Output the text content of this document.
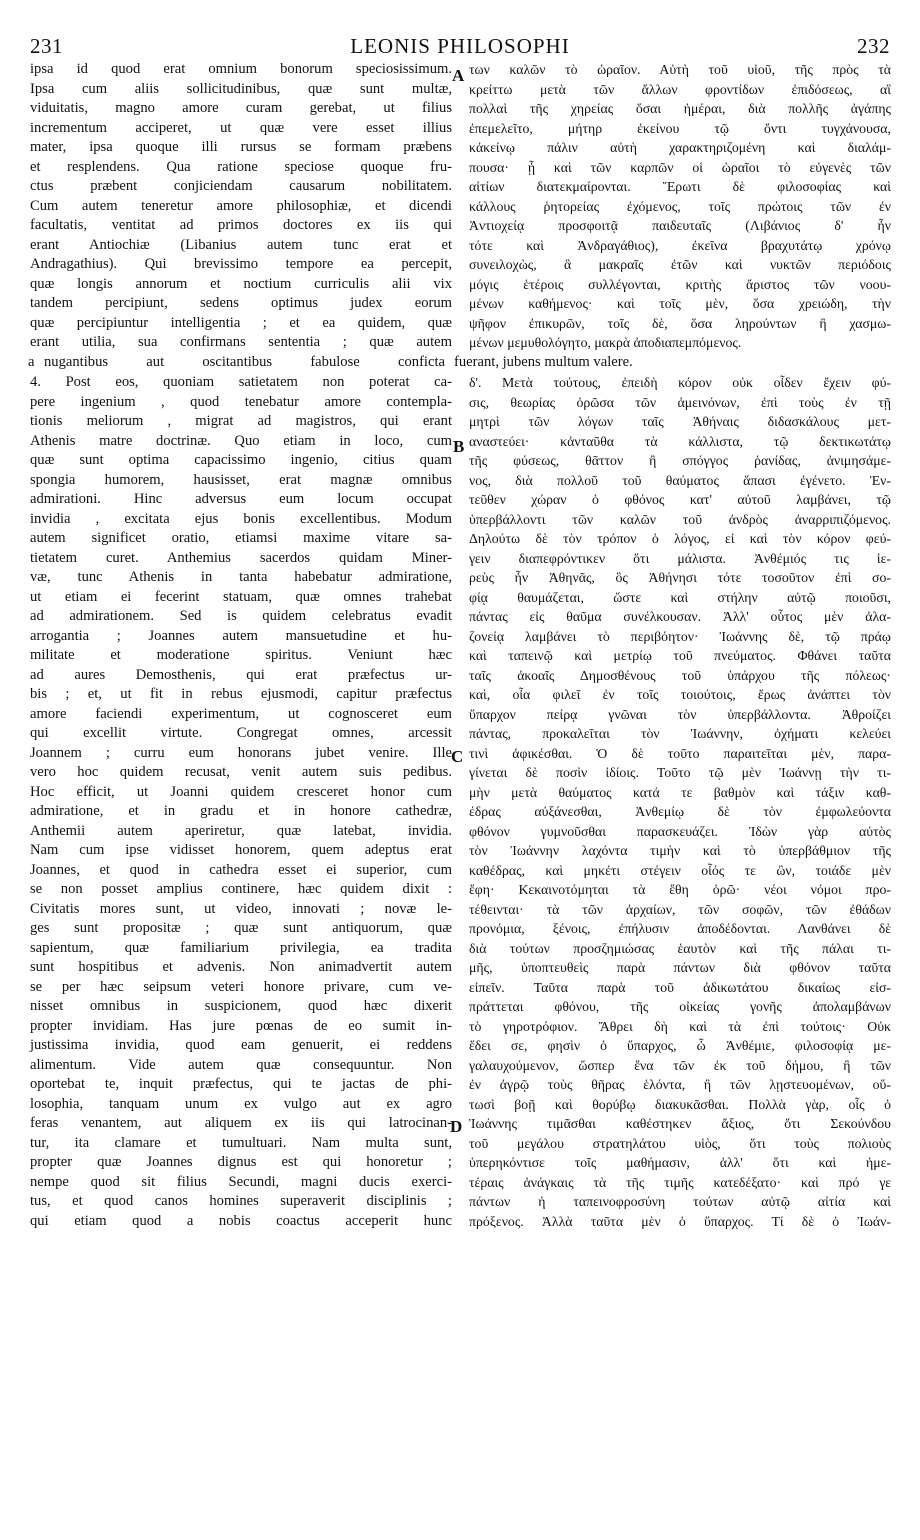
231	LEONIS PHILOSOPHI	232
A
B
C
D
ipsa id quod erat omnium bonorum speciosissimum.
Ipsa cum aliis sollicitudinibus, quæ sunt multæ,
viduitatis, magno amore curam gerebat, ut filius
incrementum acciperet, ut quæ vere esset illius
mater, ipsa quoque illi rursus se formam præbens
et resplendens. Qua ratione speciose quoque fru-
ctus præbent conjiciendam causarum nobilitatem.
Cum autem teneretur amore philosophiæ, et dicendi
facultatis, ventitat ad primos doctores ex iis qui
erant Antiochiæ (Libanius autem tunc erat et
Andragathius). Qui brevissimo tempore ea percepit,
quæ longis annorum et noctium curriculis alii vix
tandem percipiunt, sedens optimus judex eorum
quæ percipiuntur intelligentia ; et ea quidem, quæ
erant utilia, sua confirmans sententia ; quæ autem
των καλῶν τὸ ὡραῖον. Αὐτὴ τοῦ υἱοῦ, τῆς πρὸς τὰ
κρείττω μετὰ τῶν ἄλλων φροντίδων ἐπιδόσεως, αἳ
πολλαὶ τῆς χηρείας ὅσαι ἡμέραι, διὰ πολλῆς ἀγάπης
ἐπεμελεῖτο, μήτηρ ἐκείνου τῷ ὄντι τυγχάνουσα,
κἀκείνῳ πάλιν αὐτὴ χαρακτηριζομένη καὶ διαλάμ-
πουσα· ᾗ καὶ τῶν καρπῶν οἱ ὡραῖοι τὸ εὐγενὲς τῶν
αἰτίων διατεκμαίρονται. Ἔρωτι δὲ φιλοσοφίας καὶ
κάλλους ῥητορείας ἐχόμενος, τοῖς πρώτοις τῶν ἐν
Ἀντιοχείᾳ προσφοιτᾷ παιδευταῖς (Λιβάνιος δ' ἦν
τότε καὶ Ἀνδραγάθιος), ἐκεῖνα βραχυτάτῳ χρόνῳ
συνειλοχὼς, ἃ μακραῖς ἐτῶν καὶ νυκτῶν περιόδοις
μόγις ἑτέροις συλλέγονται, κριτὴς ἄριστος τῶν νοου-
μένων καθήμενος· καὶ τοῖς μὲν, ὅσα χρειώδη, τὴν
ψῆφον ἐπικυρῶν, τοῖς δὲ, ὅσα ληρούντων ἢ χασμω-
μένων μεμυθολόγητο, μακρὰ ἀποδιαπεμπόμενος.
a nugantibus aut oscitantibus fabulose conficta fuerant, jubens multum valere.
4. Post eos, quoniam satietatem non poterat ca-
pere ingenium , quod tenebatur amore contempla-
tionis meliorum , migrat ad magistros, qui erant
Athenis matre doctrinæ. Quo etiam in loco, cum
quæ sunt optima capacissimo ingenio, citius quam
spongia humorem, hausisset, erat magnæ omnibus
admirationi. Hinc adversus eum locum occupat
invidia , excitata ejus bonis excellentibus. Modum
autem significet oratio, etiamsi maxime vitare sa-
tietatem curet. Anthemius sacerdos quidam Miner-
væ, tunc Athenis in tanta habebatur admiratione,
ut etiam ei fecerint statuam, quæ omnes trahebat
ad admirationem. Sed is quidem celebratus evadit
arrogantia ; Joannes autem mansuetudine et hu-
militate et moderatione spiritus. Veniunt hæc
ad aures Demosthenis, qui erat præfectus ur-
bis ; et, ut fit in rebus ejusmodi, capitur præfectus
amore faciendi experimentum, ut cognosceret eum
qui excellit virtute. Congregat omnes, arcessit
Joannem ; curru eum honorans jubet venire. Ille
vero hoc quidem recusat, venit autem suis pedibus.
Hoc efficit, ut Joanni quidem cresceret honor cum
admiratione, et in gradu et in honore cathedræ,
Anthemii autem aperiretur, quæ latebat, invidia.
Nam cum ipse vidisset honorem, quem adeptus erat
Joannes, et quod in cathedra esset ei superior, cum
se non posset amplius continere, hæc quidem dixit :
Civitatis mores sunt, ut video, innovati ; novæ le-
ges sunt propositæ ; quæ sunt antiquorum, quæ
sapientum, quæ familiarium privilegia, ea tradita
sunt hospitibus et advenis. Non animadvertit autem
se per hæc seipsum veteri honore privare, cum ve-
nisset omnibus in suspicionem, quod hæc dixerit
propter invidiam. Has jure pœnas de eo sumit in-
justissima invidia, quod eam genuerit, ei reddens
alimentum. Vide autem quæ consequuntur. Non
oportebat te, inquit præfectus, qui te jactas de phi-
losophia, tanquam unum ex vulgo aut ex agro
feras venantem, aut aliquem ex iis qui latrocinan-
tur, ita clamare et tumultuari. Nam multa sunt,
propter quæ Joannes dignus est qui honoretur ;
nempe quod sit filius Secundi, magni ducis exerci-
tus, et quod canos homines superaverit disciplinis ;
qui etiam quod a nobis coactus acceperit hunc
δ'. Μετὰ τούτους, ἐπειδὴ κόρον οὐκ οἶδεν ἔχειν φύ-
σις, θεωρίας ὀρῶσα τῶν ἀμεινόνων, ἐπὶ τοὺς ἐν τῇ
μητρὶ τῶν λόγων ταῖς Ἀθήναις διδασκάλους μετ-
αναστεύει· κἀνταῦθα τὰ κάλλιστα, τῷ δεκτικωτάτῳ
τῆς φύσεως, θᾶττον ἢ σπόγγος ῥανίδας, ἀνιμησάμε-
νος, διὰ πολλοῦ τοῦ θαύματος ἅπασι ἐγένετο. Ἐν-
τεῦθεν χώραν ὁ φθόνος κατ' αὐτοῦ λαμβάνει, τῷ
ὑπερβάλλοντι τῶν καλῶν τοῦ ἀνδρὸς ἀναρριπιζόμενος.
Δηλούτω δὲ τὸν τρόπον ὁ λόγος, εἰ καὶ τὸν κόρον φεύ-
γειν διαπεφρόντικεν ὅτι μάλιστα. Ἀνθέμιός τις ἱε-
ρεὺς ἦν Ἀθηνᾶς, ὃς Ἀθήνησι τότε τοσοῦτον ἐπὶ σο-
φίᾳ θαυμάζεται, ὥστε καὶ στήλην αὐτῷ ποιοῦσι,
πάντας εἰς θαῦμα συνέλκουσαν. Ἀλλ' οὗτος μὲν ἀλα-
ζονείᾳ λαμβάνει τὸ περιβόητον· Ἰωάννης δὲ, τῷ πράῳ
καὶ ταπεινῷ καὶ μετρίῳ τοῦ πνεύματος. Φθάνει ταῦτα
ταῖς ἀκοαῖς Δημοσθένους τοῦ ὑπάρχου τῆς πόλεως·
καὶ, οἷα φιλεῖ ἐν τοῖς τοιούτοις, ἔρως ἀνάπτει τὸν
ὕπαρχον πείρᾳ γνῶναι τὸν ὑπερβάλλοντα. Ἀθροίζει
πάντας, προκαλεῖται τὸν Ἰωάννην, ὀχήματι κελεύει
τινὶ ἀφικέσθαι. Ὁ δὲ τοῦτο παραιτεῖται μὲν, παρα-
γίνεται δὲ ποσὶν ἰδίοις. Τοῦτο τῷ μὲν Ἰωάννῃ τὴν τι-
μὴν μετὰ θαύματος κατά τε βαθμὸν καὶ τάξιν καθ-
έδρας αὐξάνεσθαι, Ἀνθεμίῳ δὲ τὸν ἐμφωλεύοντα
φθόνον γυμνοῦσθαι παρασκευάζει. Ἰδὼν γὰρ αὐτὸς
τὸν Ἰωάννην λαχόντα τιμὴν καὶ τὸ ὑπερβάθμιον τῆς
καθέδρας, καὶ μηκέτι στέγειν οἷός τε ὢν, τοιάδε μὲν
ἔφη· Κεκαινοτόμηται τὰ ἔθη ὁρῶ· νέοι νόμοι προ-
τέθεινται· τὰ τῶν ἀρχαίων, τῶν σοφῶν, τῶν ἐθάδων
προνόμια, ξένοις, ἐπήλυσιν ἀποδέδονται. Λανθάνει δὲ
διὰ τούτων προσζημιώσας ἑαυτὸν καὶ τῆς πάλαι τι-
μῆς, ὑποπτευθεὶς παρὰ πάντων διὰ φθόνον ταῦτα
εἰπεῖν. Ταῦτα παρὰ τοῦ ἀδικωτάτου δικαίως εἰσ-
πράττεται φθόνου, τῆς οἰκείας γονῆς ἀπολαμβάνων
τὸ γηροτρόφιον. Ἄθρει δὴ καὶ τὰ ἐπὶ τούτοις· Οὐκ
ἔδει σε, φησὶν ὁ ὕπαρχος, ὦ Ἀνθέμιε, φιλοσοφίᾳ με-
γαλαυχούμενον, ὥσπερ ἕνα τῶν ἐκ τοῦ δήμου, ἢ τῶν
ἐν ἀγρῷ τοὺς θῆρας ἑλόντα, ἢ τῶν λῃστευομένων, οὕ-
τωσὶ βοῇ καὶ θορύβῳ διακυκᾶσθαι. Πολλὰ γὰρ, οἷς ὁ
Ἰωάννης τιμᾶσθαι καθέστηκεν ἄξιος, ὅτι Σεκούνδου
τοῦ μεγάλου στρατηλάτου υἱὸς, ὅτι τοὺς πολιοὺς
ὑπερηκόντισε τοῖς μαθήμασιν, ἀλλ' ὅτι καὶ ἡμε-
τέραις ἀνάγκαις τὰ τῆς τιμῆς κατεδέξατο· καὶ πρό γε
πάντων ἡ ταπεινοφροσύνη τούτων αὐτῷ αἰτία καὶ
πρόξενος. Ἀλλὰ ταῦτα μὲν ὁ ὕπαρχος. Τί δὲ ὁ Ἰωάν-
